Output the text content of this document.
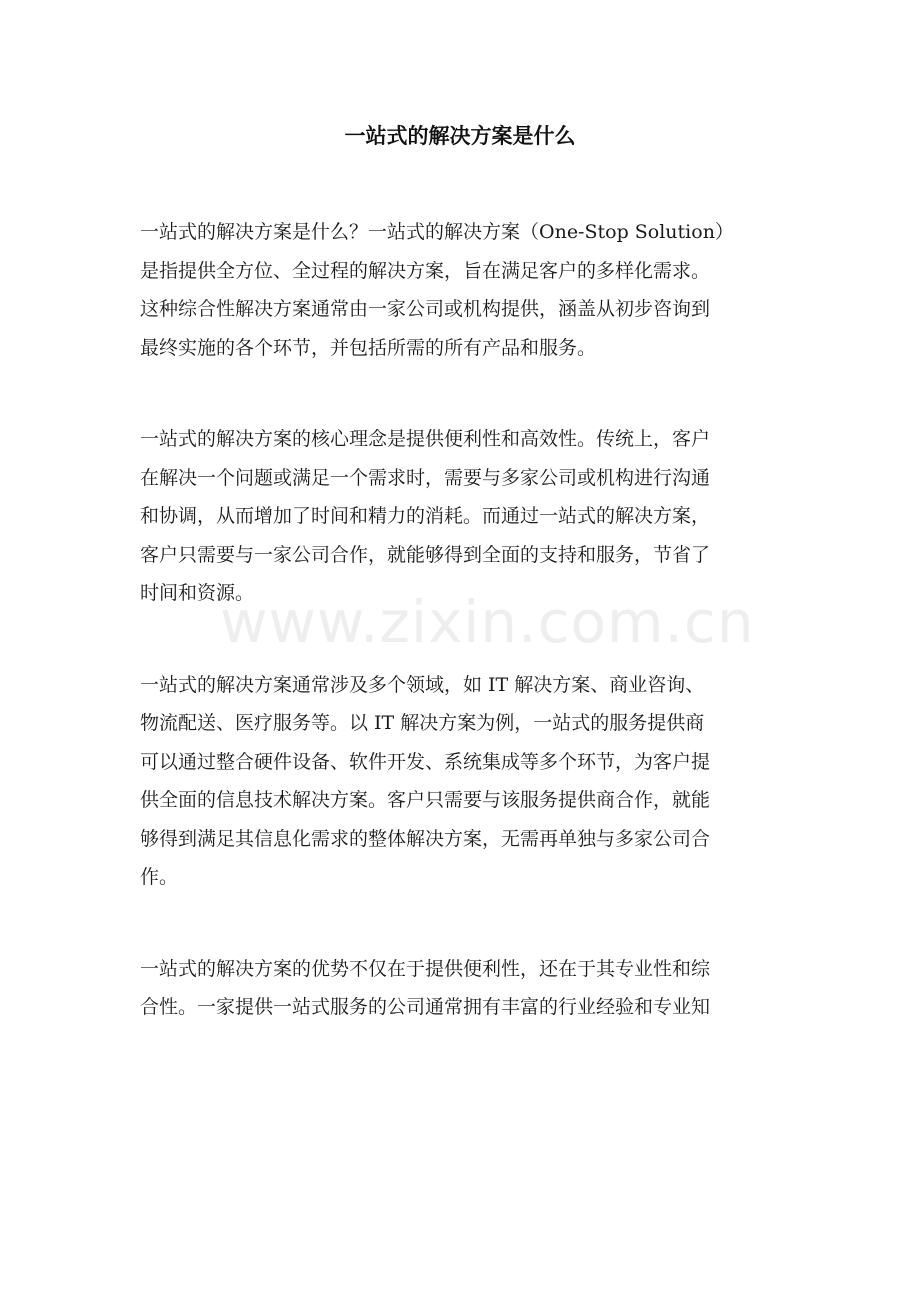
一站式的解决方案是什么
一站式的解决方案是什么？一站式的解决方案（One-Stop Solution）
是指提供全方位、全过程的解决方案，旨在满足客户的多样化需求。
这种综合性解决方案通常由一家公司或机构提供，涵盖从初步咨询到
最终实施的各个环节，并包括所需的所有产品和服务。
一站式的解决方案的核心理念是提供便利性和高效性。传统上，客户
在解决一个问题或满足一个需求时，需要与多家公司或机构进行沟通
和协调，从而增加了时间和精力的消耗。而通过一站式的解决方案，
客户只需要与一家公司合作，就能够得到全面的支持和服务，节省了
时间和资源。
一站式的解决方案通常涉及多个领域，如 IT 解决方案、商业咨询、
物流配送、医疗服务等。以 IT 解决方案为例，一站式的服务提供商
可以通过整合硬件设备、软件开发、系统集成等多个环节，为客户提
供全面的信息技术解决方案。客户只需要与该服务提供商合作，就能
够得到满足其信息化需求的整体解决方案，无需再单独与多家公司合
作。
一站式的解决方案的优势不仅在于提供便利性，还在于其专业性和综
合性。一家提供一站式服务的公司通常拥有丰富的行业经验和专业知
www.zixin.com.cn
